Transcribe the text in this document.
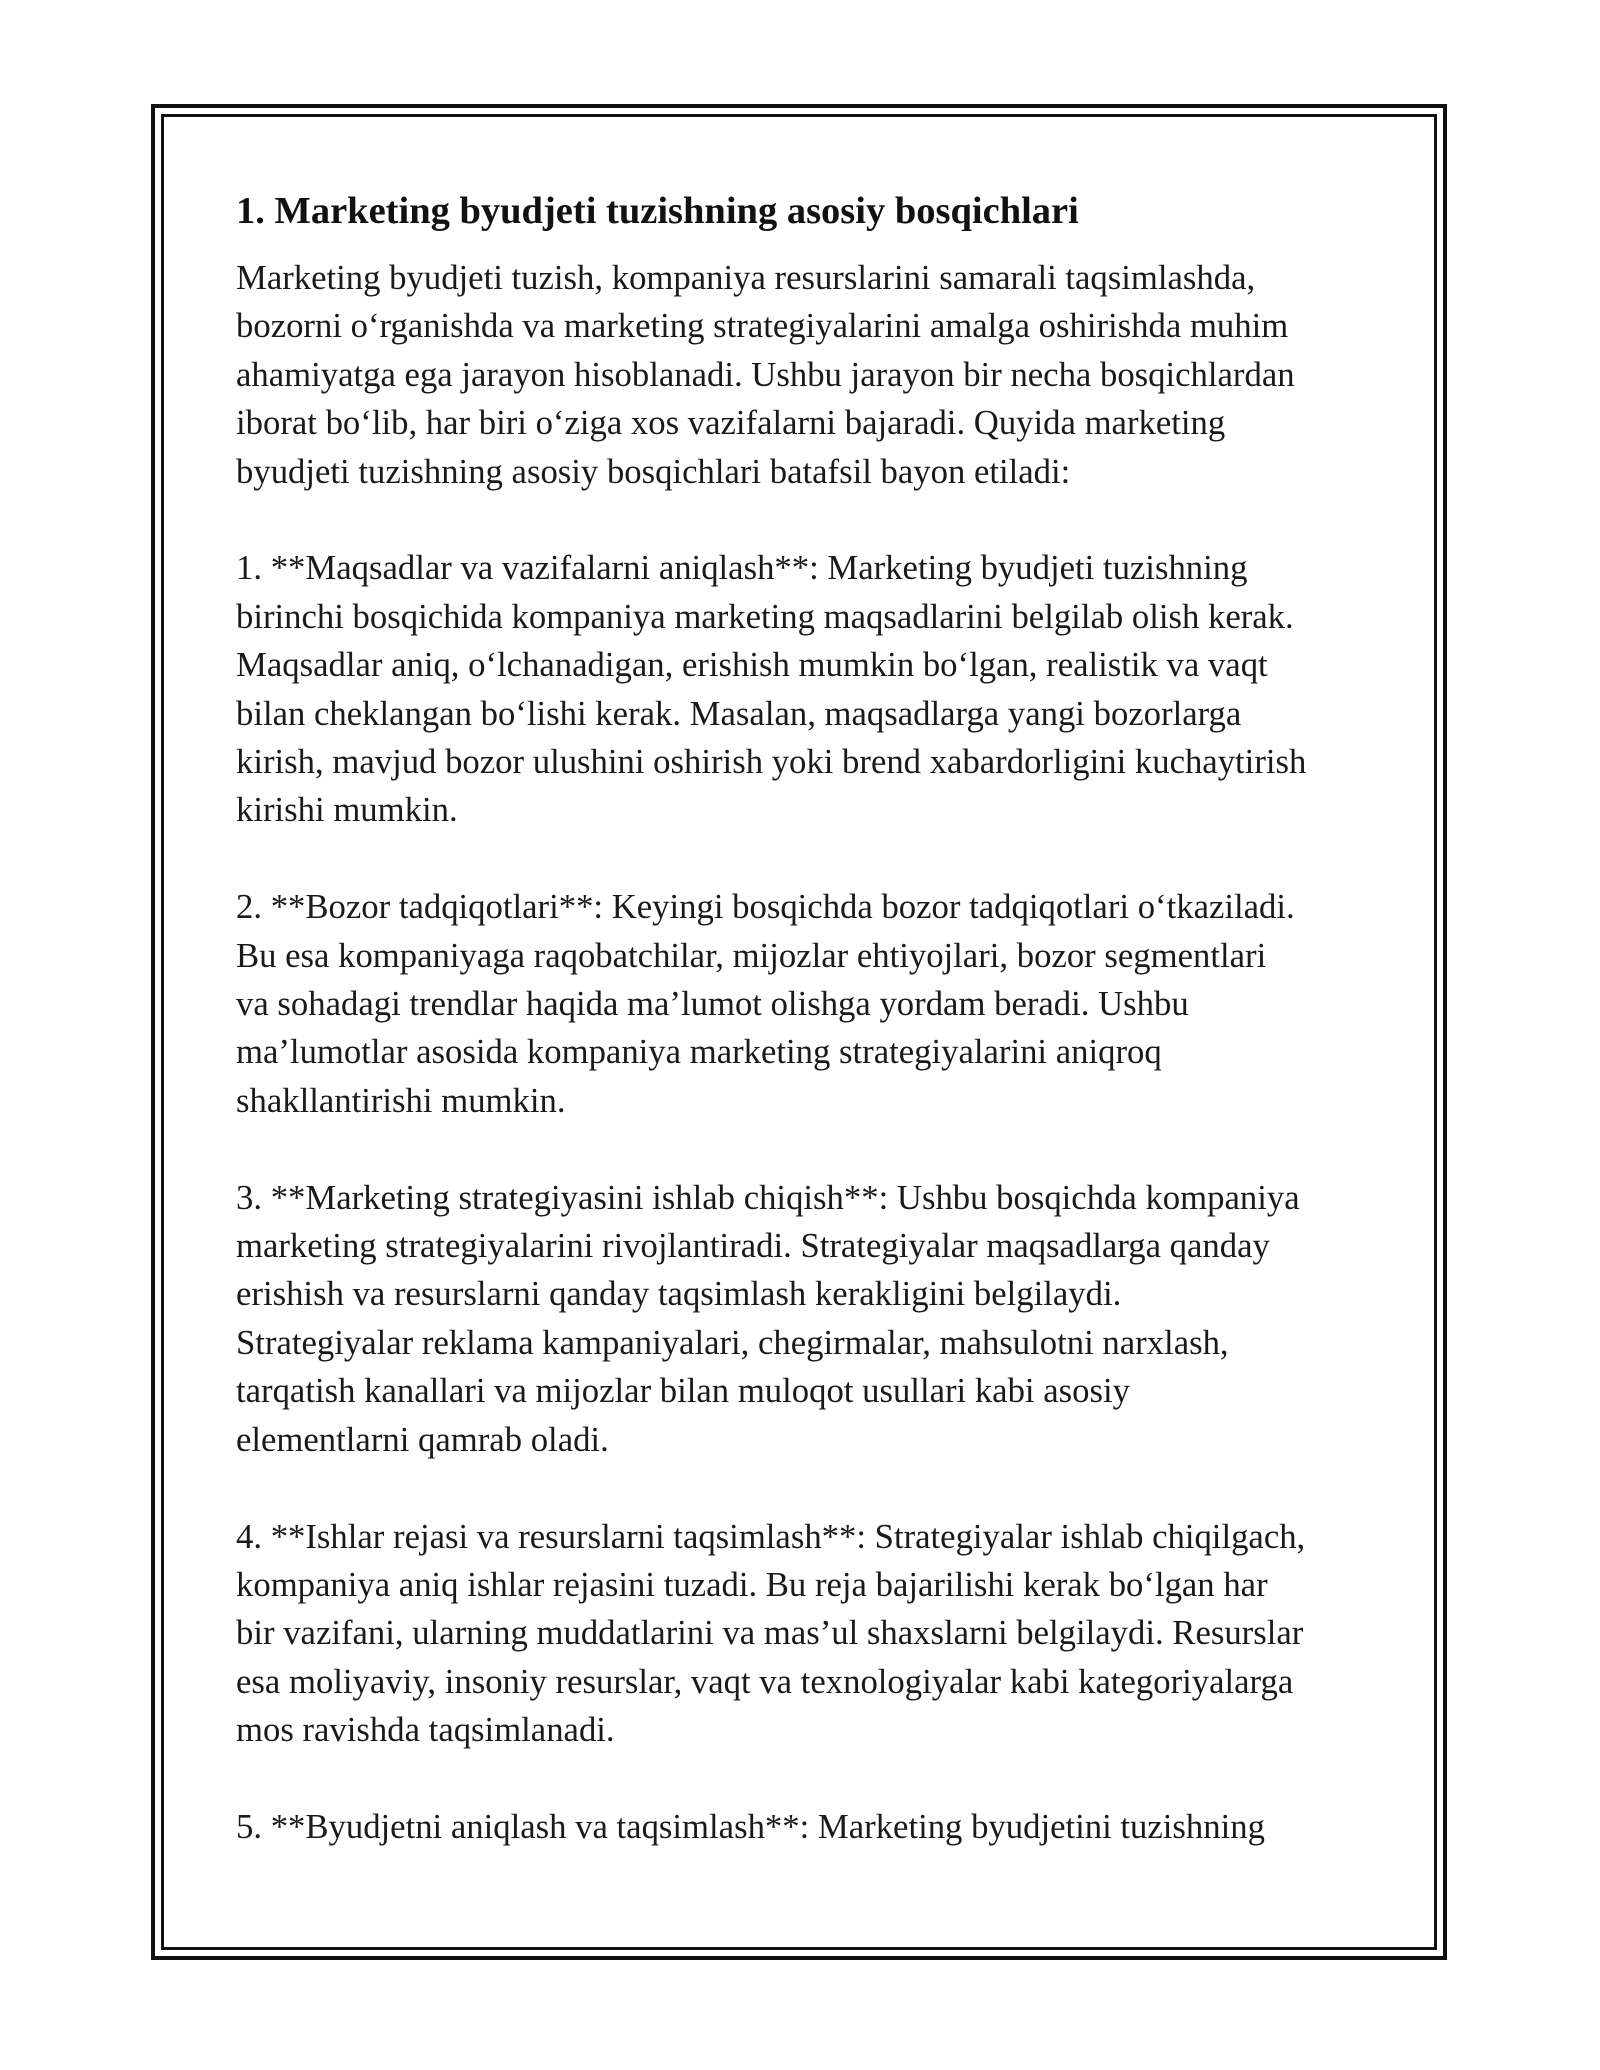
1. Marketing byudjeti tuzishning asosiy bosqichlari

Marketing byudjeti tuzish, kompaniya resurslarini samarali taqsimlashda,
bozorni o‘rganishda va marketing strategiyalarini amalga oshirishda muhim
ahamiyatga ega jarayon hisoblanadi. Ushbu jarayon bir necha bosqichlardan
iborat bo‘lib, har biri o‘ziga xos vazifalarni bajaradi. Quyida marketing
byudjeti tuzishning asosiy bosqichlari batafsil bayon etiladi:

1. **Maqsadlar va vazifalarni aniqlash**: Marketing byudjeti tuzishning
birinchi bosqichida kompaniya marketing maqsadlarini belgilab olish kerak.
Maqsadlar aniq, o‘lchanadigan, erishish mumkin bo‘lgan, realistik va vaqt
bilan cheklangan bo‘lishi kerak. Masalan, maqsadlarga yangi bozorlarga
kirish, mavjud bozor ulushini oshirish yoki brend xabardorligini kuchaytirish
kirishi mumkin.

2. **Bozor tadqiqotlari**: Keyingi bosqichda bozor tadqiqotlari o‘tkaziladi.
Bu esa kompaniyaga raqobatchilar, mijozlar ehtiyojlari, bozor segmentlari
va sohadagi trendlar haqida ma’lumot olishga yordam beradi. Ushbu
ma’lumotlar asosida kompaniya marketing strategiyalarini aniqroq
shakllantirishi mumkin.

3. **Marketing strategiyasini ishlab chiqish**: Ushbu bosqichda kompaniya
marketing strategiyalarini rivojlantiradi. Strategiyalar maqsadlarga qanday
erishish va resurslarni qanday taqsimlash kerakligini belgilaydi.
Strategiyalar reklama kampaniyalari, chegirmalar, mahsulotni narxlash,
tarqatish kanallari va mijozlar bilan muloqot usullari kabi asosiy
elementlarni qamrab oladi.

4. **Ishlar rejasi va resurslarni taqsimlash**: Strategiyalar ishlab chiqilgach,
kompaniya aniq ishlar rejasini tuzadi. Bu reja bajarilishi kerak bo‘lgan har
bir vazifani, ularning muddatlarini va mas’ul shaxslarni belgilaydi. Resurslar
esa moliyaviy, insoniy resurslar, vaqt va texnologiyalar kabi kategoriyalarga
mos ravishda taqsimlanadi.

5. **Byudjetni aniqlash va taqsimlash**: Marketing byudjetini tuzishning
